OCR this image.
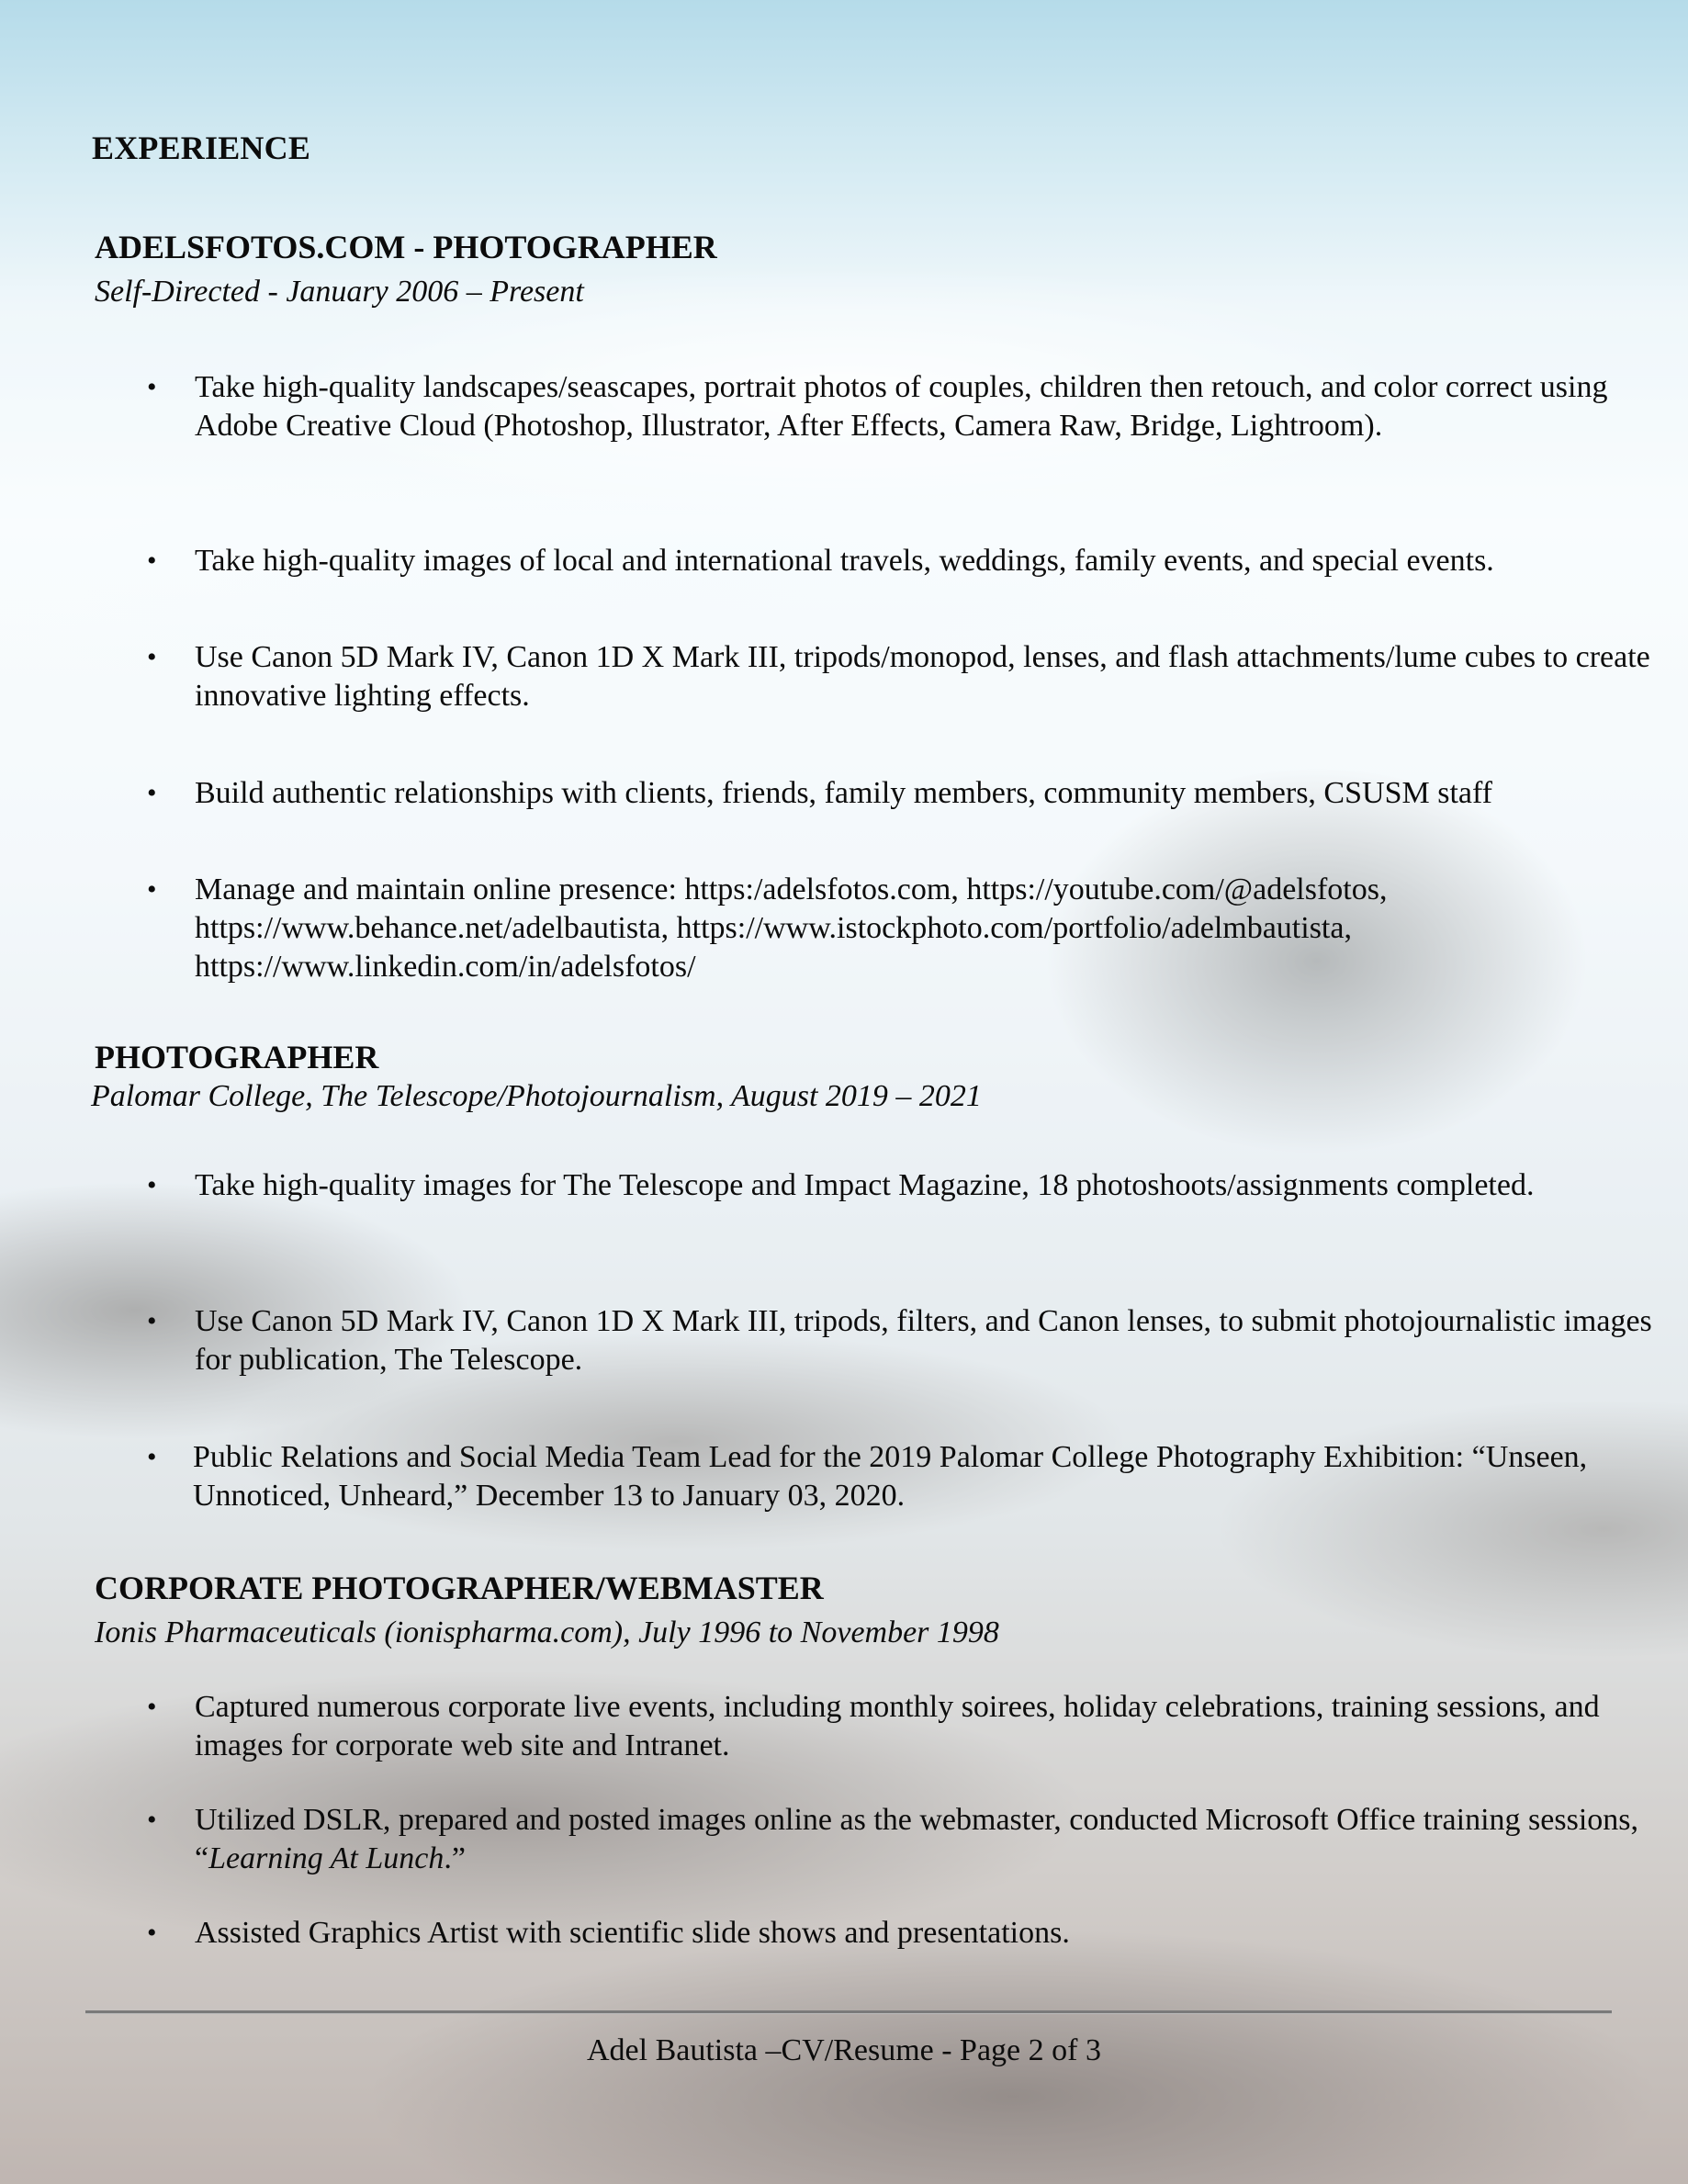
EXPERIENCE
ADELSFOTOS.COM - PHOTOGRAPHER
Self-Directed - January 2006 – Present
•	Take high-quality landscapes/seascapes, portrait photos of couples, children then retouch, and color correct using Adobe Creative Cloud (Photoshop, Illustrator, After Effects, Camera Raw, Bridge, Lightroom).
•	Take high-quality images of local and international travels, weddings, family events, and special events.
•	Use Canon 5D Mark IV, Canon 1D X Mark III, tripods/monopod, lenses, and flash attachments/lume cubes to create innovative lighting effects.
•	Build authentic relationships with clients, friends, family members, community members, CSUSM staff
•	Manage and maintain online presence: https:/adelsfotos.com, https://youtube.com/@adelsfotos, https://www.behance.net/adelbautista, https://www.istockphoto.com/portfolio/adelmbautista, https://www.linkedin.com/in/adelsfotos/
PHOTOGRAPHER
Palomar College, The Telescope/Photojournalism, August 2019 – 2021
•	Take high-quality images for The Telescope and Impact Magazine, 18 photoshoots/assignments completed.
•	Use Canon 5D Mark IV, Canon 1D X Mark III, tripods, filters, and Canon lenses, to submit photojournalistic images for publication, The Telescope.
•	Public Relations and Social Media Team Lead for the 2019 Palomar College Photography Exhibition: “Unseen, Unnoticed, Unheard,” December 13 to January 03, 2020.
CORPORATE PHOTOGRAPHER/WEBMASTER
Ionis Pharmaceuticals (ionispharma.com), July 1996 to November 1998
•	Captured numerous corporate live events, including monthly soirees, holiday celebrations, training sessions, and images for corporate web site and Intranet.
•	Utilized DSLR, prepared and posted images online as the webmaster, conducted Microsoft Office training sessions, “Learning At Lunch.”
•	Assisted Graphics Artist with scientific slide shows and presentations.
Adel Bautista –CV/Resume - Page 2 of 3
